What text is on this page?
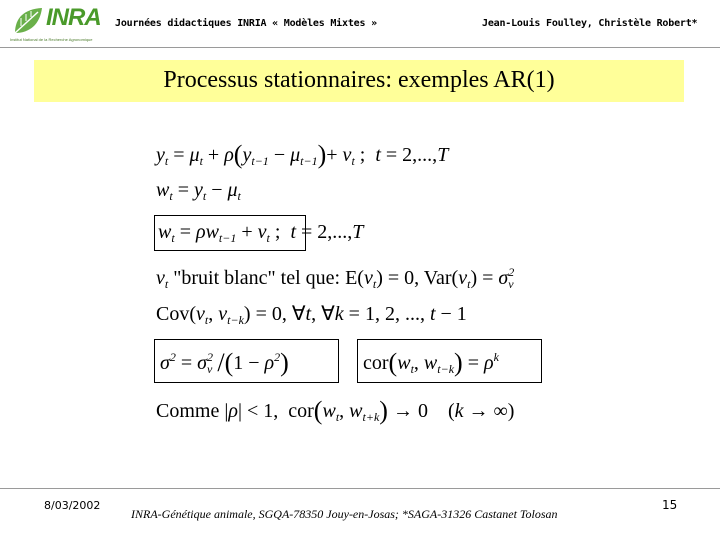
INRA
Institut National de la Recherche Agronomique
Journées didactiques INRIA « Modèles Mixtes »	Jean-Louis Foulley, Christèle Robert*
Processus stationnaires: exemples AR(1)
$y_t = \mu_t + \rho(y_{t-1} - \mu_{t-1})+ v_t$ ;  t = 2,...,T
$w_t = y_t - \mu_t$
$w_t = \rho w_{t-1} + v_t$ ;  t = 2,...,T
$v_t$ "bruit blanc" tel que: $E(v_t) = 0$, $Var(v_t) = \sigma^2_v$
$Cov(v_t$, $v_{t-k}) = 0$, ∀t, ∀k = 1, 2, ..., t − 1
$\sigma^2 = \sigma^2_v$ $/(1 - \rho^2)$	$cor(w_t$, $w_{t-k}) = \rho^k$
Comme |ρ| < 1,  $cor(w_t$, $w_{t+k}) \to 0$    (k → ∞)
8/03/2002
INRA-Génétique animale, SGQA-78350 Jouy-en-Josas; *SAGA-31326 Castanet Tolosan
15
